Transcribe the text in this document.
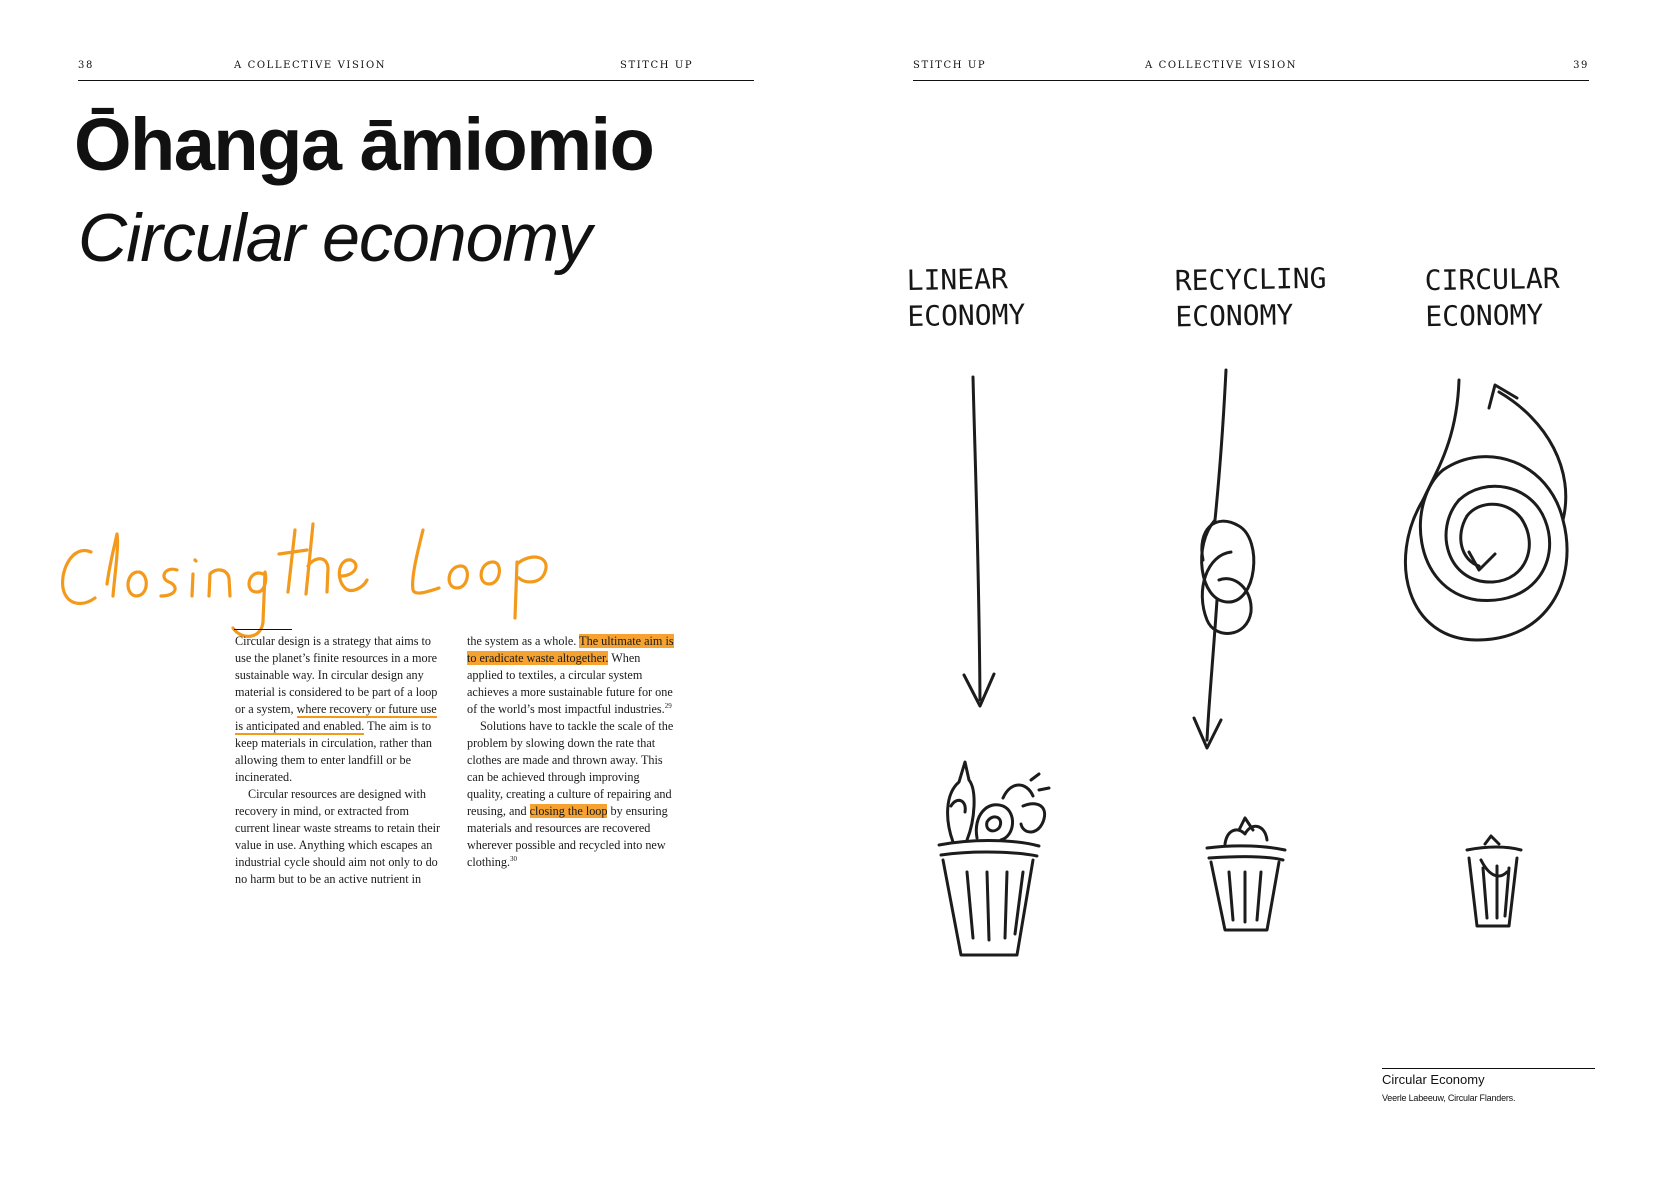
38	A COLLECTIVE VISION	STITCH UP
Ōhanga āmiomio
Circular economy

Circular design is a strategy that aims to use the planet’s finite resources in a more sustainable way. In circular design any material is considered to be part of a loop or a system, where recovery or future use is anticipated and enabled. The aim is to keep materials in circulation, rather than allowing them to enter landfill or be incinerated.

Circular resources are designed with recovery in mind, or extracted from current linear waste streams to retain their value in use. Anything which escapes an industrial cycle should aim not only to do no harm but to be an active nutrient in

the system as a whole. The ultimate aim is to eradicate waste altogether. When applied to textiles, a circular system achieves a more sustainable future for one of the world’s most impactful industries.$^{29}$

Solutions have to tackle the scale of the problem by slowing down the rate that clothes are made and thrown away. This can be achieved through improving quality, creating a culture of repairing and reusing, and closing the loop by ensuring materials and resources are recovered wherever possible and recycled into new clothing.$^{30}$

STITCH UP	A COLLECTIVE VISION	39
LINEAR
ECONOMY
RECYCLING
ECONOMY
CIRCULAR
ECONOMY
Circular Economy
Veerle Labeeuw, Circular Flanders.
